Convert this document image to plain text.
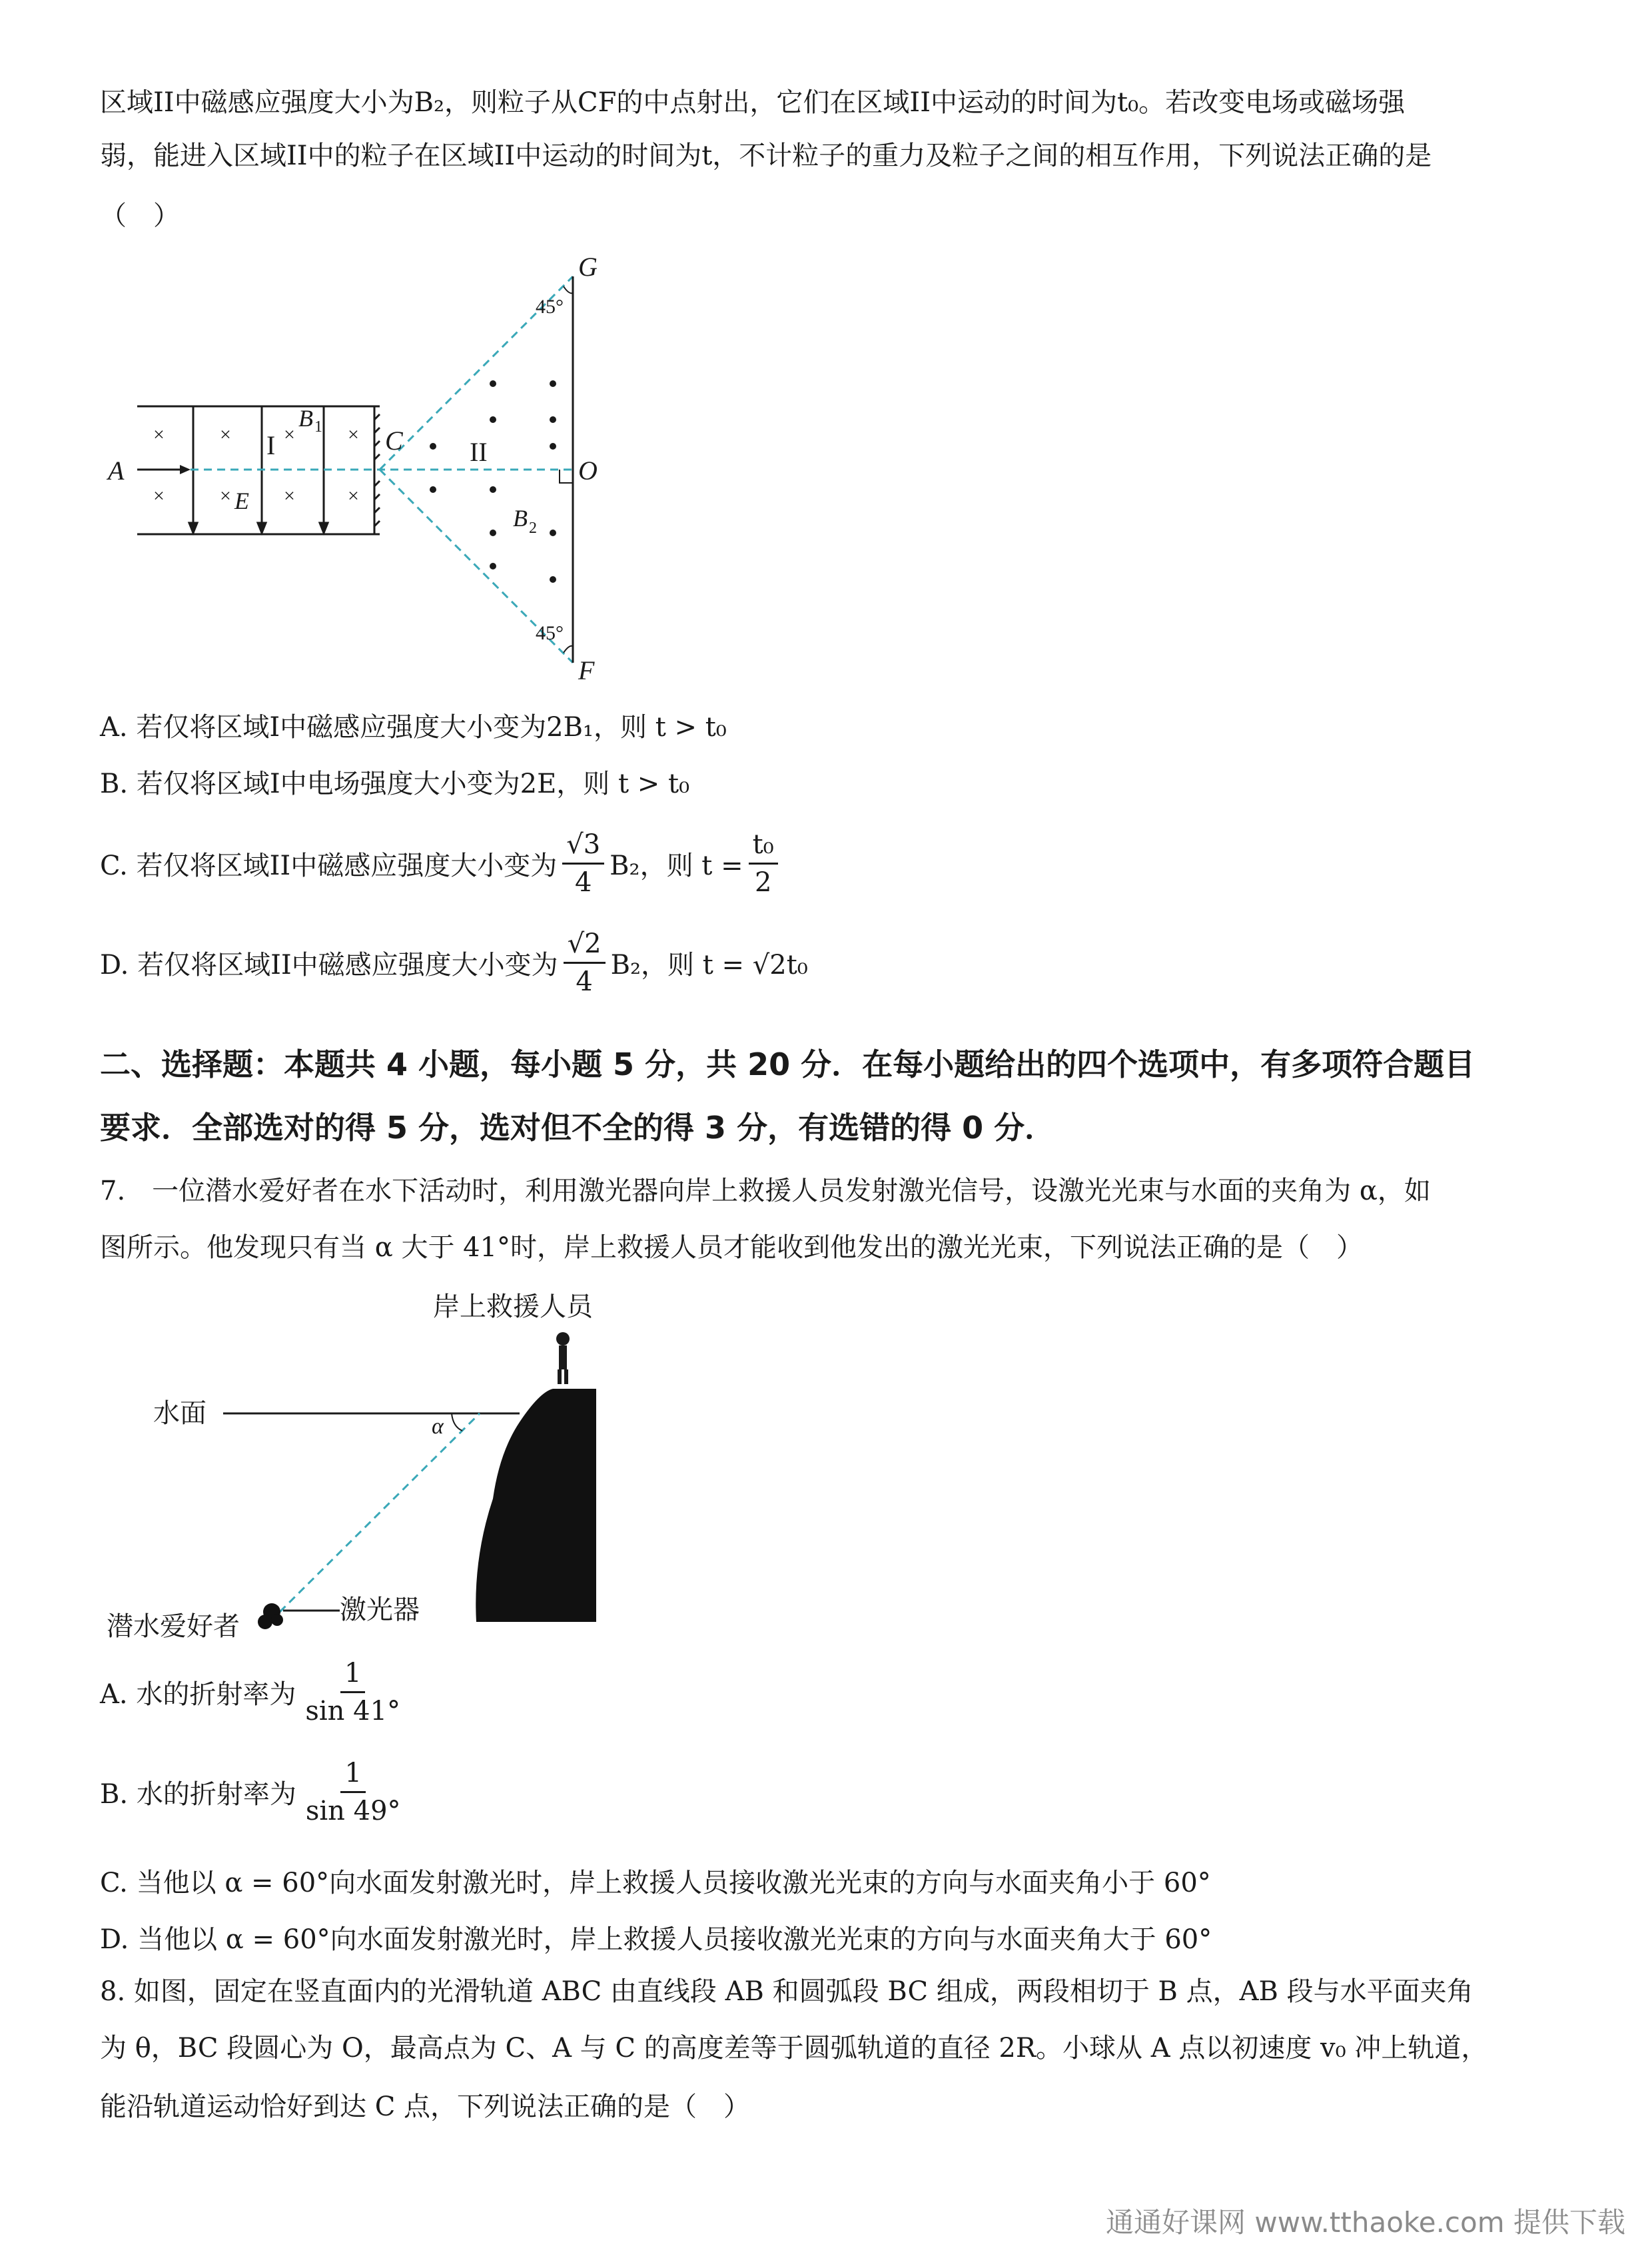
区域II中磁感应强度大小为B₂，则粒子从CF的中点射出，它们在区域II中运动的时间为t₀。若改变电场或磁场强
弱，能进入区域II中的粒子在区域II中运动的时间为t，不计粒子的重力及粒子之间的相互作用，下列说法正确的是
（　）
×	×	×	×
×	×	×	×
G
F
C
O
A
E
B 1
B 2
I	II
45°
45°
A. 若仅将区域I中磁感应强度大小变为2B₁，则 t > t₀
B. 若仅将区域I中电场强度大小变为2E，则 t > t₀
C. 若仅将区域II中磁感应强度大小变为 $\frac{√3}{4} B_2$，则 $t = \frac{\text{t₀}}{2}$
D. 若仅将区域II中磁感应强度大小变为 $\frac{√2}{4} B_2$，则 t = √2t₀
二、选择题：本题共 4 小题，每小题 5 分，共 20 分．在每小题给出的四个选项中，有多项符合题目
要求．全部选对的得 5 分，选对但不全的得 3 分，有选错的得 0 分．
7.　一位潜水爱好者在水下活动时，利用激光器向岸上救援人员发射激光信号，设激光光束与水面的夹角为 α，如
图所示。他发现只有当 α 大于 41°时，岸上救援人员才能收到他发出的激光光束，下列说法正确的是（　）
岸上救援人员
水面	α
激光器
潜水爱好者
A. 水的折射率为 $\frac{1}{\sin 41^\circ}$
B. 水的折射率为 $\frac{1}{\sin 49^\circ}$
C. 当他以 α = 60°向水面发射激光时，岸上救援人员接收激光光束的方向与水面夹角小于 60°
D. 当他以 α = 60°向水面发射激光时，岸上救援人员接收激光光束的方向与水面夹角大于 60°
8. 如图，固定在竖直面内的光滑轨道 ABC 由直线段 AB 和圆弧段 BC 组成，两段相切于 B 点，AB 段与水平面夹角
为 θ，BC 段圆心为 O，最高点为 C、A 与 C 的高度差等于圆弧轨道的直径 2R。小球从 A 点以初速度 v₀ 冲上轨道，
能沿轨道运动恰好到达 C 点，下列说法正确的是（　）
通通好课网 www.tthaoke.com 提供下载
